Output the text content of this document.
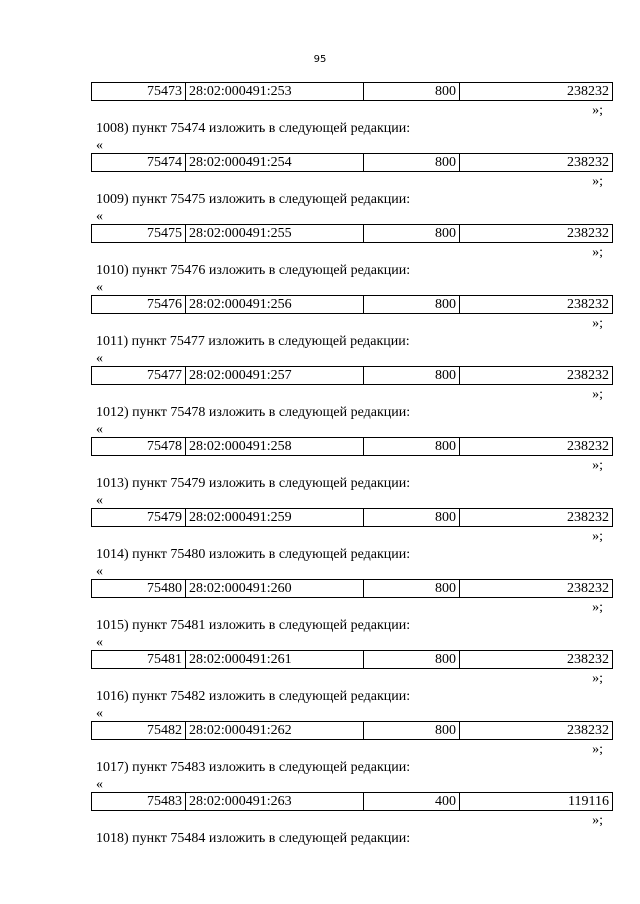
95
75473	28:02:000491:253	800	238232
»;
1008) пункт 75474 изложить в следующей редакции:
«
75474	28:02:000491:254	800	238232
»;
1009) пункт 75475 изложить в следующей редакции:
«
75475	28:02:000491:255	800	238232
»;
1010) пункт 75476 изложить в следующей редакции:
«
75476	28:02:000491:256	800	238232
»;
1011) пункт 75477 изложить в следующей редакции:
«
75477	28:02:000491:257	800	238232
»;
1012) пункт 75478 изложить в следующей редакции:
«
75478	28:02:000491:258	800	238232
»;
1013) пункт 75479 изложить в следующей редакции:
«
75479	28:02:000491:259	800	238232
»;
1014) пункт 75480 изложить в следующей редакции:
«
75480	28:02:000491:260	800	238232
»;
1015) пункт 75481 изложить в следующей редакции:
«
75481	28:02:000491:261	800	238232
»;
1016) пункт 75482 изложить в следующей редакции:
«
75482	28:02:000491:262	800	238232
»;
1017) пункт 75483 изложить в следующей редакции:
«
75483	28:02:000491:263	400	119116
»;
1018) пункт 75484 изложить в следующей редакции:
